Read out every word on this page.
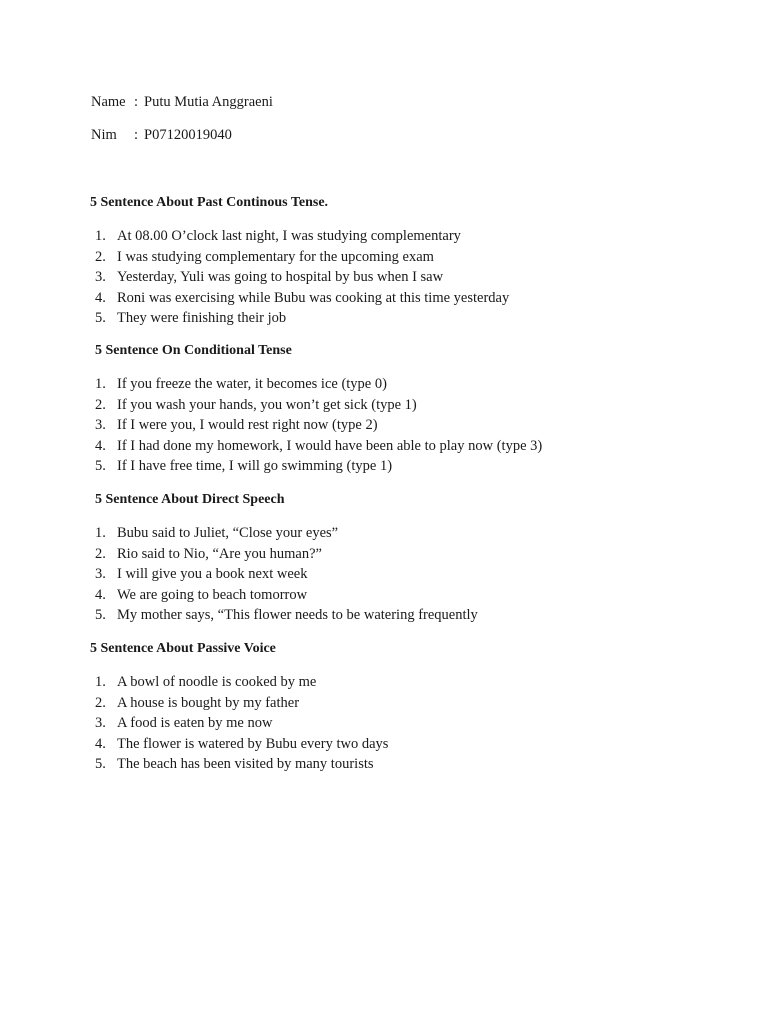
Name : Putu Mutia Anggraeni
Nim : P07120019040
5 Sentence About Past Continous Tense.
1. At 08.00 O’clock last night, I was studying complementary
2. I was studying complementary for the upcoming exam
3. Yesterday, Yuli was going to hospital by bus when I saw
4. Roni was exercising while Bubu was cooking at this time yesterday
5. They were finishing their job
5 Sentence On Conditional Tense
1. If you freeze the water, it becomes ice (type 0)
2. If you wash your hands, you won’t get sick (type 1)
3. If I were you, I would rest right now (type 2)
4. If I had done my homework, I would have been able to play now (type 3)
5. If I have free time, I will go swimming (type 1)
5 Sentence About Direct Speech
1. Bubu said to Juliet, “Close your eyes”
2. Rio said to Nio, “Are you human?”
3. I will give you a book next week
4. We are going to beach tomorrow
5. My mother says, “This flower needs to be watering frequently
5 Sentence About Passive Voice
1. A bowl of noodle is cooked by me
2. A house is bought by my father
3. A food is eaten by me now
4. The flower is watered by Bubu every two days
5. The beach has been visited by many tourists
